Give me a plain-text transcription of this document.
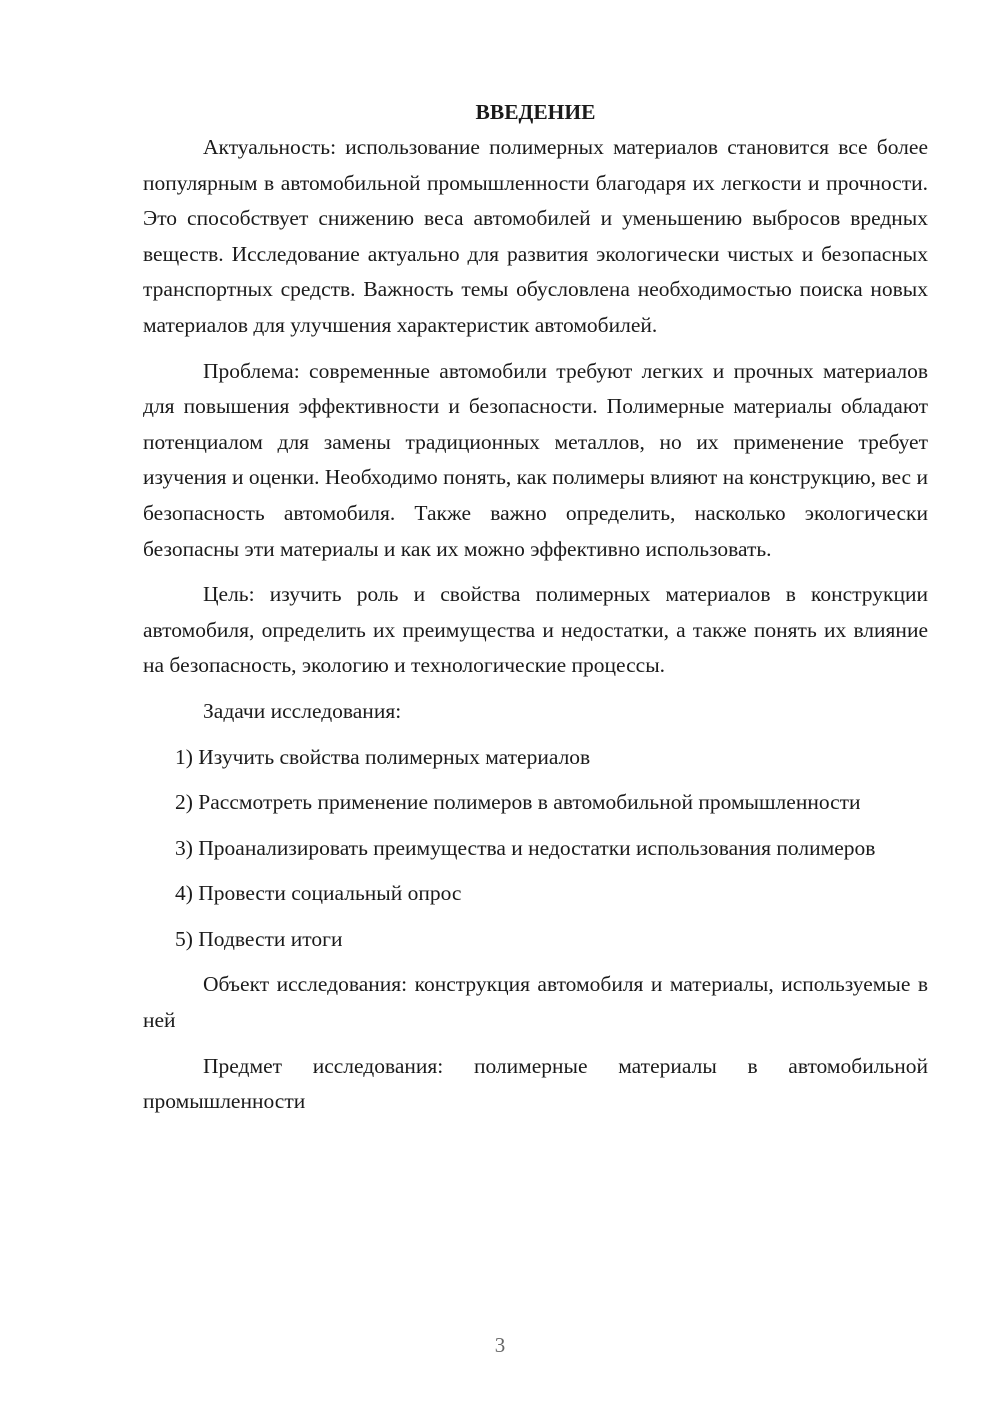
ВВЕДЕНИЕ

Актуальность: использование полимерных материалов становится все более популярным в автомобильной промышленности благодаря их легкости и прочности. Это способствует снижению веса автомобилей и уменьшению выбросов вредных веществ. Исследование актуально для развития экологически чистых и безопасных транспортных средств. Важность темы обусловлена необходимостью поиска новых материалов для улучшения характеристик автомобилей.

Проблема: современные автомобили требуют легких и прочных материалов для повышения эффективности и безопасности. Полимерные материалы обладают потенциалом для замены традиционных металлов, но их применение требует изучения и оценки. Необходимо понять, как полимеры влияют на конструкцию, вес и безопасность автомобиля. Также важно определить, насколько экологически безопасны эти материалы и как их можно эффективно использовать.

Цель: изучить роль и свойства полимерных материалов в конструкции автомобиля, определить их преимущества и недостатки, а также понять их влияние на безопасность, экологию и технологические процессы.

Задачи исследования:

1) Изучить свойства полимерных материалов

2) Рассмотреть применение полимеров в автомобильной промышленности

3) Проанализировать преимущества и недостатки использования полимеров

4) Провести социальный опрос

5) Подвести итоги

Объект исследования: конструкция автомобиля и материалы, используемые в ней

Предмет исследования: полимерные материалы в автомобильной промышленности

3
